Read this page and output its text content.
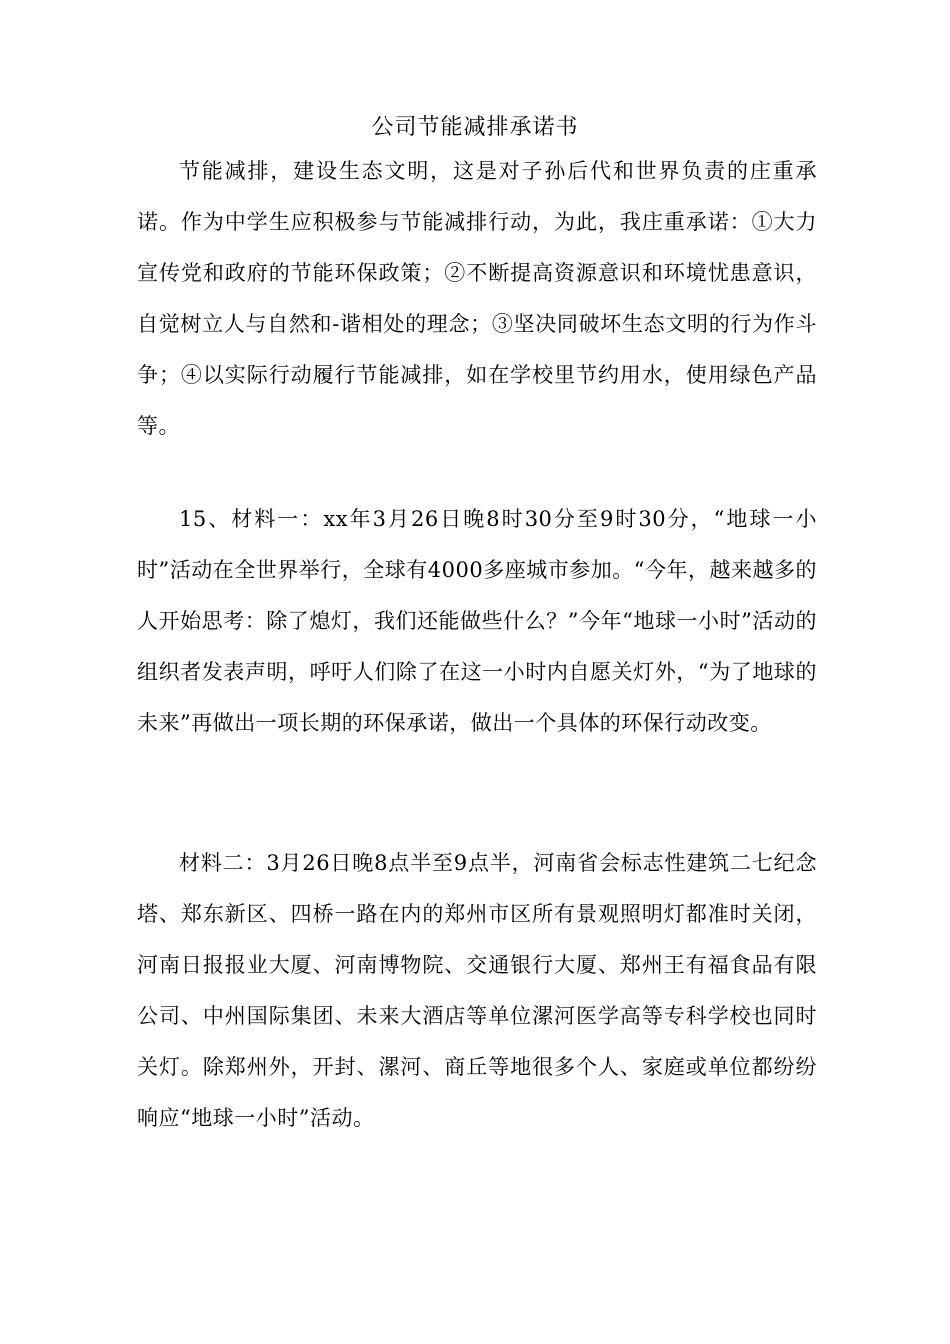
公司节能减排承诺书

节能减排，建设生态文明，这是对子孙后代和世界负责的庄重承诺。作为中学生应积极参与节能减排行动，为此，我庄重承诺：①大力宣传党和政府的节能环保政策；②不断提高资源意识和环境忧患意识，自觉树立人与自然和-谐相处的理念；③坚决同破坏生态文明的行为作斗争；④以实际行动履行节能减排，如在学校里节约用水，使用绿色产品等。

15、材料一：xx年3月26日晚8时30分至9时30分，“地球一小时”活动在全世界举行，全球有4000多座城市参加。“今年，越来越多的人开始思考：除了熄灯，我们还能做些什么？”今年“地球一小时”活动的组织者发表声明，呼吁人们除了在这一小时内自愿关灯外，“为了地球的未来”再做出一项长期的环保承诺，做出一个具体的环保行动改变。

材料二：3月26日晚8点半至9点半，河南省会标志性建筑二七纪念塔、郑东新区、四桥一路在内的郑州市区所有景观照明灯都准时关闭，河南日报报业大厦、河南博物院、交通银行大厦、郑州王有福食品有限公司、中州国际集团、未来大酒店等单位漯河医学高等专科学校也同时关灯。除郑州外，开封、漯河、商丘等地很多个人、家庭或单位都纷纷响应“地球一小时”活动。
